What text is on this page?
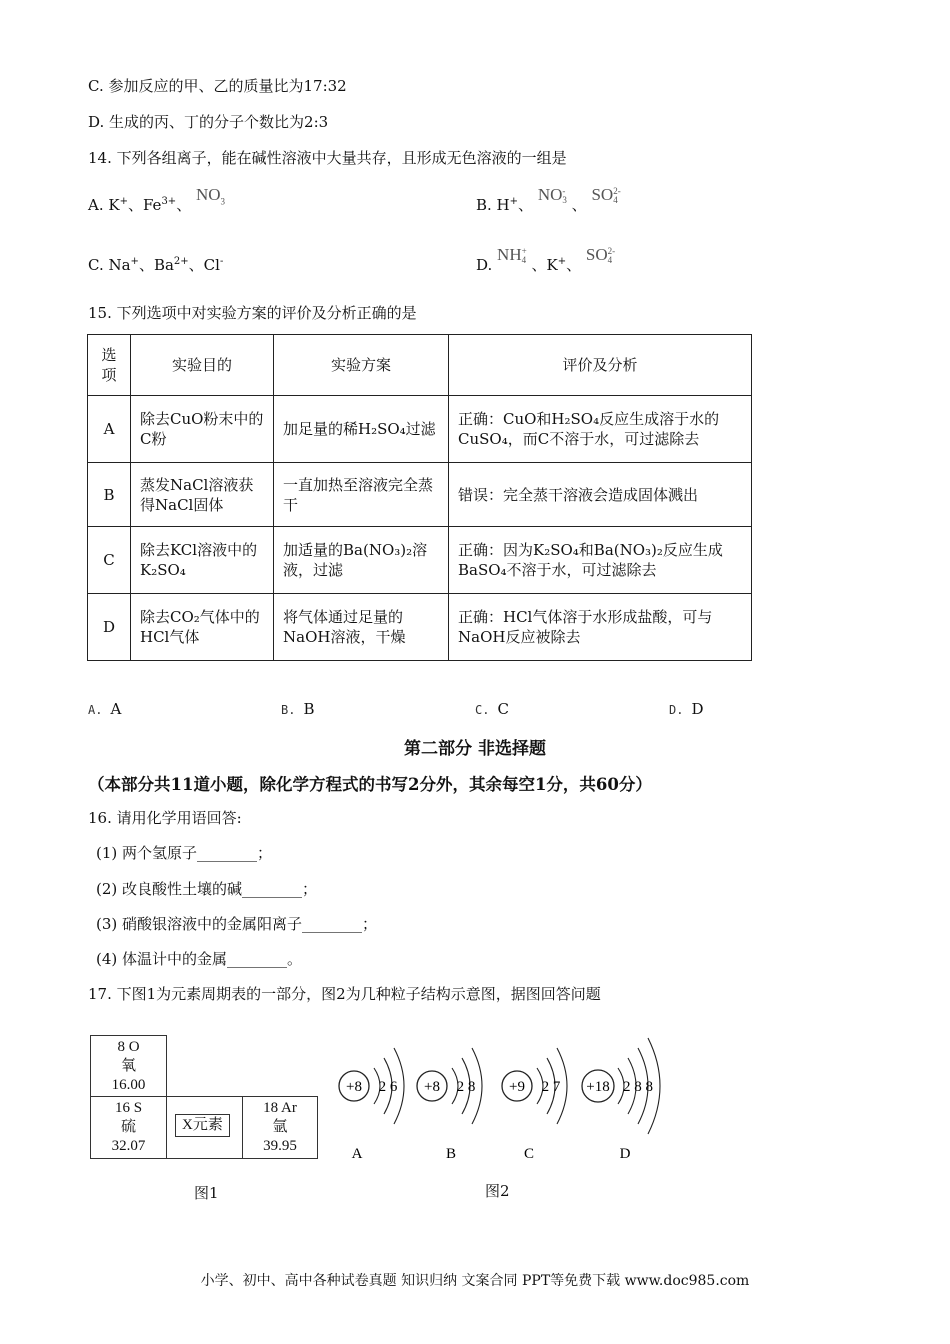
C. 参加反应的甲、乙的质量比为17:32
D. 生成的丙、丁的分子个数比为2:3
14. 下列各组离子，能在碱性溶液中大量共存，且形成无色溶液的一组是
A. K+、$Fe^{3+}$、 $NO_3$	B. H+、 NO-
3 、 SO2-
4
C. Na+、$Ba^{2+}$、Cl-	D. NH+
4 、K+、 SO2-
4
15. 下列选项中对实验方案的评价及分析正确的是
选项	实验目的	实验方案	评价及分析
A	除去CuO粉末中的C粉	加足量的稀H₂SO₄过滤	正确：CuO和H₂SO₄反应生成溶于水的CuSO₄，而C不溶于水，可过滤除去
B	蒸发NaCl溶液获得NaCl固体	一直加热至溶液完全蒸干	错误：完全蒸干溶液会造成固体溅出
C	除去KCl溶液中的K₂SO₄	加适量的Ba(NO₃)₂溶液，过滤	正确：因为K₂SO₄和Ba(NO₃)₂反应生成BaSO₄不溶于水，可过滤除去
D	除去CO₂气体中的HCl气体	将气体通过足量的NaOH溶液，干燥	正确：HCl气体溶于水形成盐酸，可与NaOH反应被除去
A. A	B. B	C. C	D. D
第二部分 非选择题
（本部分共11道小题，除化学方程式的书写2分外，其余每空1分，共60分）
16. 请用化学用语回答:
(1) 两个氢原子________；
(2) 改良酸性土壤的碱________；
(3) 硝酸银溶液中的金属阳离子________；
(4) 体温计中的金属________。
17. 下图1为元素周期表的一部分，图2为几种粒子结构示意图，据图回答问题
8 O
氧
16.00
16 S
硫
32.07
X元素
18 Ar
氩
39.95
图1
+8 2 6
A
+8 2 8
B
+9 2 7
C
+18 2 8 8
D
图2
小学、初中、高中各种试卷真题 知识归纳 文案合同 PPT等免费下载 www.doc985.com
